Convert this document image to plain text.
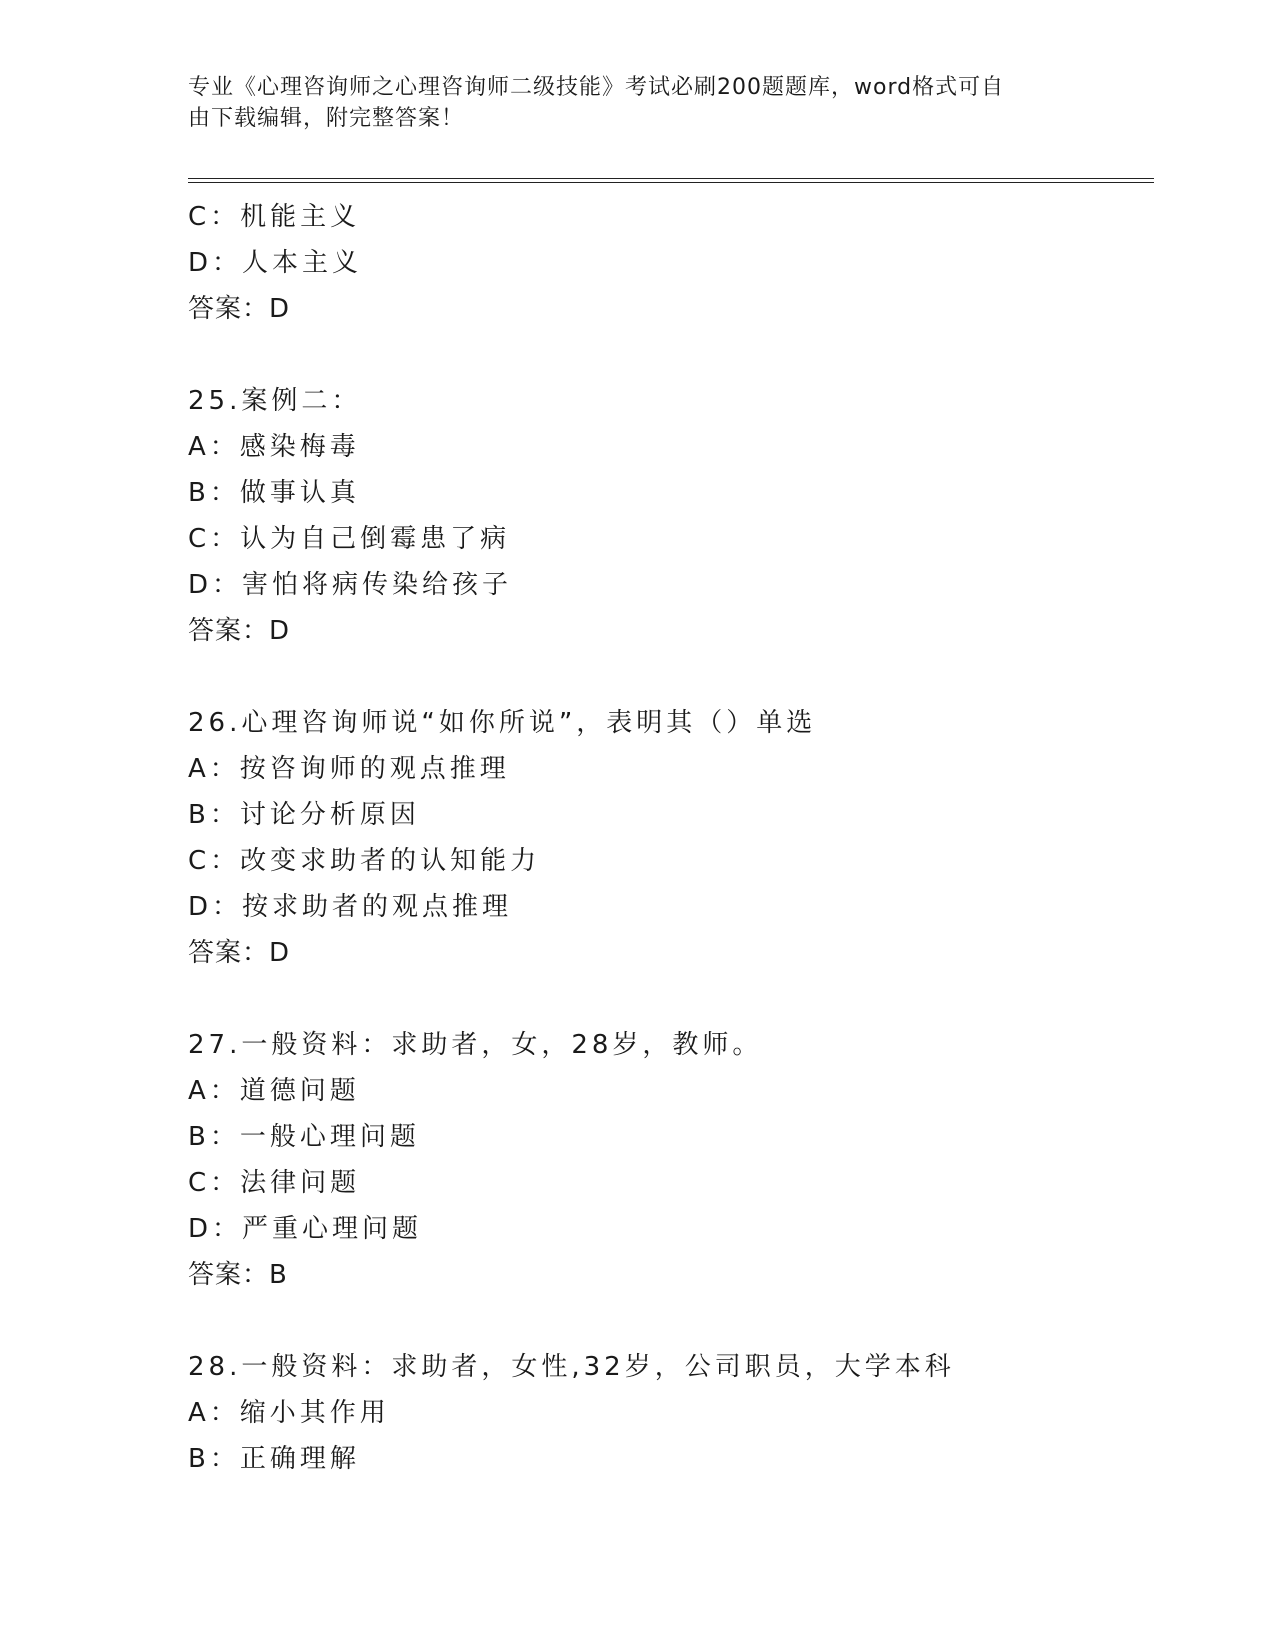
专业《心理咨询师之心理咨询师二级技能》考试必刷200题题库，word格式可自
由下载编辑，附完整答案！
C：机能主义
D：人本主义
答案：D
25.案例二：
A：感染梅毒
B：做事认真
C：认为自己倒霉患了病
D：害怕将病传染给孩子
答案：D
26.心理咨询师说“如你所说”，表明其（）单选
A：按咨询师的观点推理
B：讨论分析原因
C：改变求助者的认知能力
D：按求助者的观点推理
答案：D
27.一般资料：求助者，女，28岁，教师。
A：道德问题
B：一般心理问题
C：法律问题
D：严重心理问题
答案：B
28.一般资料：求助者，女性,32岁，公司职员，大学本科
A：缩小其作用
B：正确理解
